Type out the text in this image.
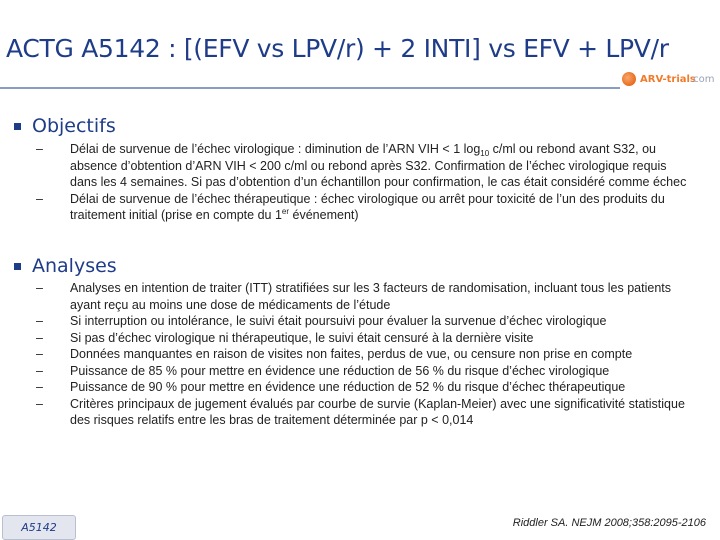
ACTG A5142 : [(EFV vs LPV/r) + 2 INTI] vs EFV + LPV/r
ARV-trials
.com
Objectifs
–	Délai de survenue de l’échec virologique : diminution de l’ARN VIH < 1 $\log_{10} c/ml$ ou rebond avant S32, ou absence d’obtention d’ARN VIH < 200 c/ml ou rebond après S32. Confirmation de l’échec virologique requis dans les 4 semaines. Si pas d’obtention d’un échantillon pour confirmation, le cas était considéré comme échec
–	Délai de survenue de l’échec thérapeutique : échec virologique ou arrêt pour toxicité de l’un des produits du traitement initial (prise en compte du 1er événement)
Analyses
–	Analyses en intention de traiter (ITT) stratifiées sur les 3 facteurs de randomisation, incluant tous les patients ayant reçu au moins une dose de médicaments de l’étude
–	Si interruption ou intolérance, le suivi était poursuivi pour évaluer la survenue d’échec virologique
–	Si pas d’échec virologique ni thérapeutique, le suivi était censuré à la dernière visite
–	Données manquantes en raison de visites non faites, perdus de vue, ou censure non prise en compte
–	Puissance de 85 % pour mettre en évidence une réduction de 56 % du risque d’échec virologique
–	Puissance de 90 % pour mettre en évidence une réduction de 52 % du risque d’échec thérapeutique
–	Critères principaux de jugement évalués par courbe de survie (Kaplan-Meier) avec une significativité statistique des risques relatifs entre les bras de traitement déterminée par p < 0,014
A5142	Riddler SA. NEJM 2008;358:2095-2106
